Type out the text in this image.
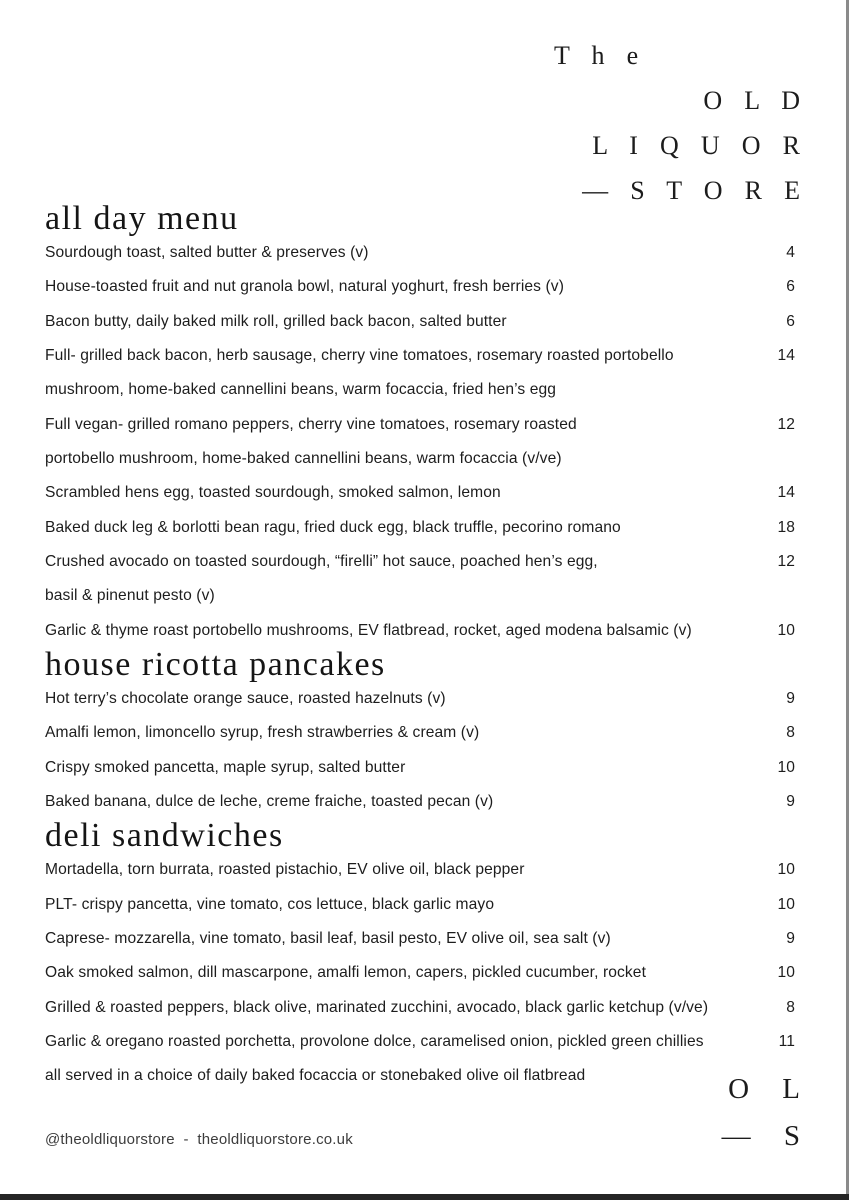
T h e
O L D
L I Q U O R
— S T O R E
all day menu
Sourdough toast, salted butter & preserves (v)	4
House-toasted fruit and nut granola bowl, natural yoghurt, fresh berries (v)	6
Bacon butty, daily baked milk roll, grilled back bacon, salted butter	6
Full- grilled back bacon, herb sausage, cherry vine tomatoes, rosemary roasted portobello	14
mushroom, home-baked cannellini beans, warm focaccia, fried hen’s egg
Full vegan- grilled romano peppers, cherry vine tomatoes, rosemary roasted	12
portobello mushroom, home-baked cannellini beans, warm focaccia (v/ve)
Scrambled hens egg, toasted sourdough, smoked salmon, lemon	14
Baked duck leg & borlotti bean ragu, fried duck egg, black truffle, pecorino romano	18
Crushed avocado on toasted sourdough, “firelli” hot sauce, poached hen’s egg,	12
basil & pinenut pesto (v)
Garlic & thyme roast portobello mushrooms, EV flatbread, rocket, aged modena balsamic (v)	10
house ricotta pancakes
Hot terry’s chocolate orange sauce, roasted hazelnuts (v)	9
Amalfi lemon, limoncello syrup, fresh strawberries & cream (v)	8
Crispy smoked pancetta, maple syrup, salted butter	10
Baked banana, dulce de leche, creme fraiche, toasted pecan (v)	9
deli sandwiches
Mortadella, torn burrata, roasted pistachio, EV olive oil, black pepper	10
PLT- crispy pancetta, vine tomato, cos lettuce, black garlic mayo	10
Caprese- mozzarella, vine tomato, basil leaf, basil pesto, EV olive oil, sea salt (v)	9
Oak smoked salmon, dill mascarpone, amalfi lemon, capers, pickled cucumber, rocket	10
Grilled & roasted peppers, black olive, marinated zucchini, avocado, black garlic ketchup (v/ve)	8
Garlic & oregano roasted porchetta, provolone dolce, caramelised onion, pickled green chillies	11
all served in a choice of daily baked focaccia or stonebaked olive oil flatbread	O L
— S
@theoldliquorstore  -  theoldliquorstore.co.uk
